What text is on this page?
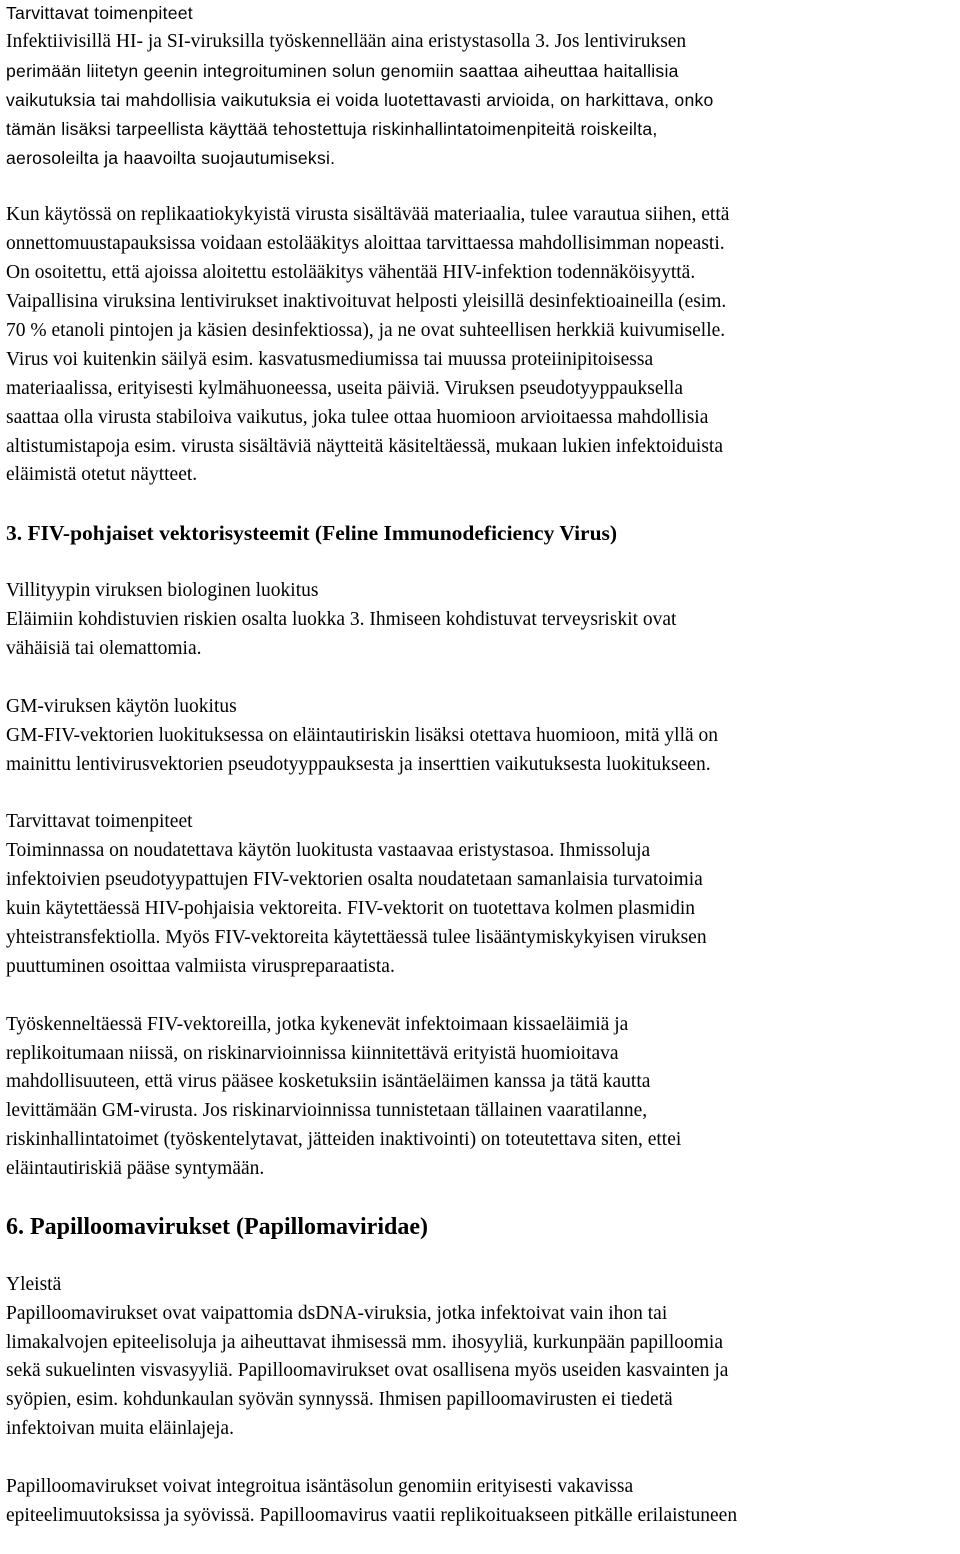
Tarvittavat toimenpiteet
Infektiivisillä HI- ja SI-viruksilla työskennellään aina eristystasolla 3. Jos lentiviruksen
perimään liitetyn geenin integroituminen solun genomiin saattaa aiheuttaa haitallisia
vaikutuksia tai mahdollisia vaikutuksia ei voida luotettavasti arvioida, on harkittava, onko
tämän lisäksi tarpeellista käyttää tehostettuja riskinhallintatoimenpiteitä roiskeilta,
aerosoleilta ja haavoilta suojautumiseksi.
Kun käytössä on replikaatiokykyistä virusta sisältävää materiaalia, tulee varautua siihen, että
onnettomuustapauksissa voidaan estolääkitys aloittaa tarvittaessa mahdollisimman nopeasti.
On osoitettu, että ajoissa aloitettu estolääkitys vähentää HIV-infektion todennäköisyyttä.
Vaipallisina viruksina lentivirukset inaktivoituvat helposti yleisillä desinfektioaineilla (esim.
70 % etanoli pintojen ja käsien desinfektiossa), ja ne ovat suhteellisen herkkiä kuivumiselle.
Virus voi kuitenkin säilyä esim. kasvatusmediumissa tai muussa proteiinipitoisessa
materiaalissa, erityisesti kylmähuoneessa, useita päiviä. Viruksen pseudotyyppauksella
saattaa olla virusta stabiloiva vaikutus, joka tulee ottaa huomioon arvioitaessa mahdollisia
altistumistapoja esim. virusta sisältäviä näytteitä käsiteltäessä, mukaan lukien infektoiduista
eläimistä otetut näytteet.
3. FIV-pohjaiset vektorisysteemit (Feline Immunodeficiency Virus)
Villityypin viruksen biologinen luokitus
Eläimiin kohdistuvien riskien osalta luokka 3. Ihmiseen kohdistuvat terveysriskit ovat
vähäisiä tai olemattomia.
GM-viruksen käytön luokitus
GM-FIV-vektorien luokituksessa on eläintautiriskin lisäksi otettava huomioon, mitä yllä on
mainittu lentivirusvektorien pseudotyyppauksesta ja inserttien vaikutuksesta luokitukseen.
Tarvittavat toimenpiteet
Toiminnassa on noudatettava käytön luokitusta vastaavaa eristystasoa. Ihmissoluja
infektoivien pseudotyypattujen FIV-vektorien osalta noudatetaan samanlaisia turvatoimia
kuin käytettäessä HIV-pohjaisia vektoreita. FIV-vektorit on tuotettava kolmen plasmidin
yhteistransfektiolla. Myös FIV-vektoreita käytettäessä tulee lisääntymiskykyisen viruksen
puuttuminen osoittaa valmiista viruspreparaatista.
Työskenneltäessä FIV-vektoreilla, jotka kykenevät infektoimaan kissaeläimiä ja
replikoitumaan niissä, on riskinarvioinnissa kiinnitettävä erityistä huomioitava
mahdollisuuteen, että virus pääsee kosketuksiin isäntäeläimen kanssa ja tätä kautta
levittämään GM-virusta. Jos riskinarvioinnissa tunnistetaan tällainen vaaratilanne,
riskinhallintatoimet (työskentelytavat, jätteiden inaktivointi) on toteutettava siten, ettei
eläintautiriskiä pääse syntymään.
6. Papilloomavirukset (Papillomaviridae)
Yleistä
Papilloomavirukset ovat vaipattomia dsDNA-viruksia, jotka infektoivat vain ihon tai
limakalvojen epiteelisoluja ja aiheuttavat ihmisessä mm. ihosyyliä, kurkunpään papilloomia
sekä sukuelinten visvasyyliä. Papilloomavirukset ovat osallisena myös useiden kasvainten ja
syöpien, esim. kohdunkaulan syövän synnyssä. Ihmisen papilloomavirusten ei tiedetä
infektoivan muita eläinlajeja.
Papilloomavirukset voivat integroitua isäntäsolun genomiin erityisesti vakavissa
epiteelimuutoksissa ja syövissä. Papilloomavirus vaatii replikoituakseen pitkälle erilaistuneen
